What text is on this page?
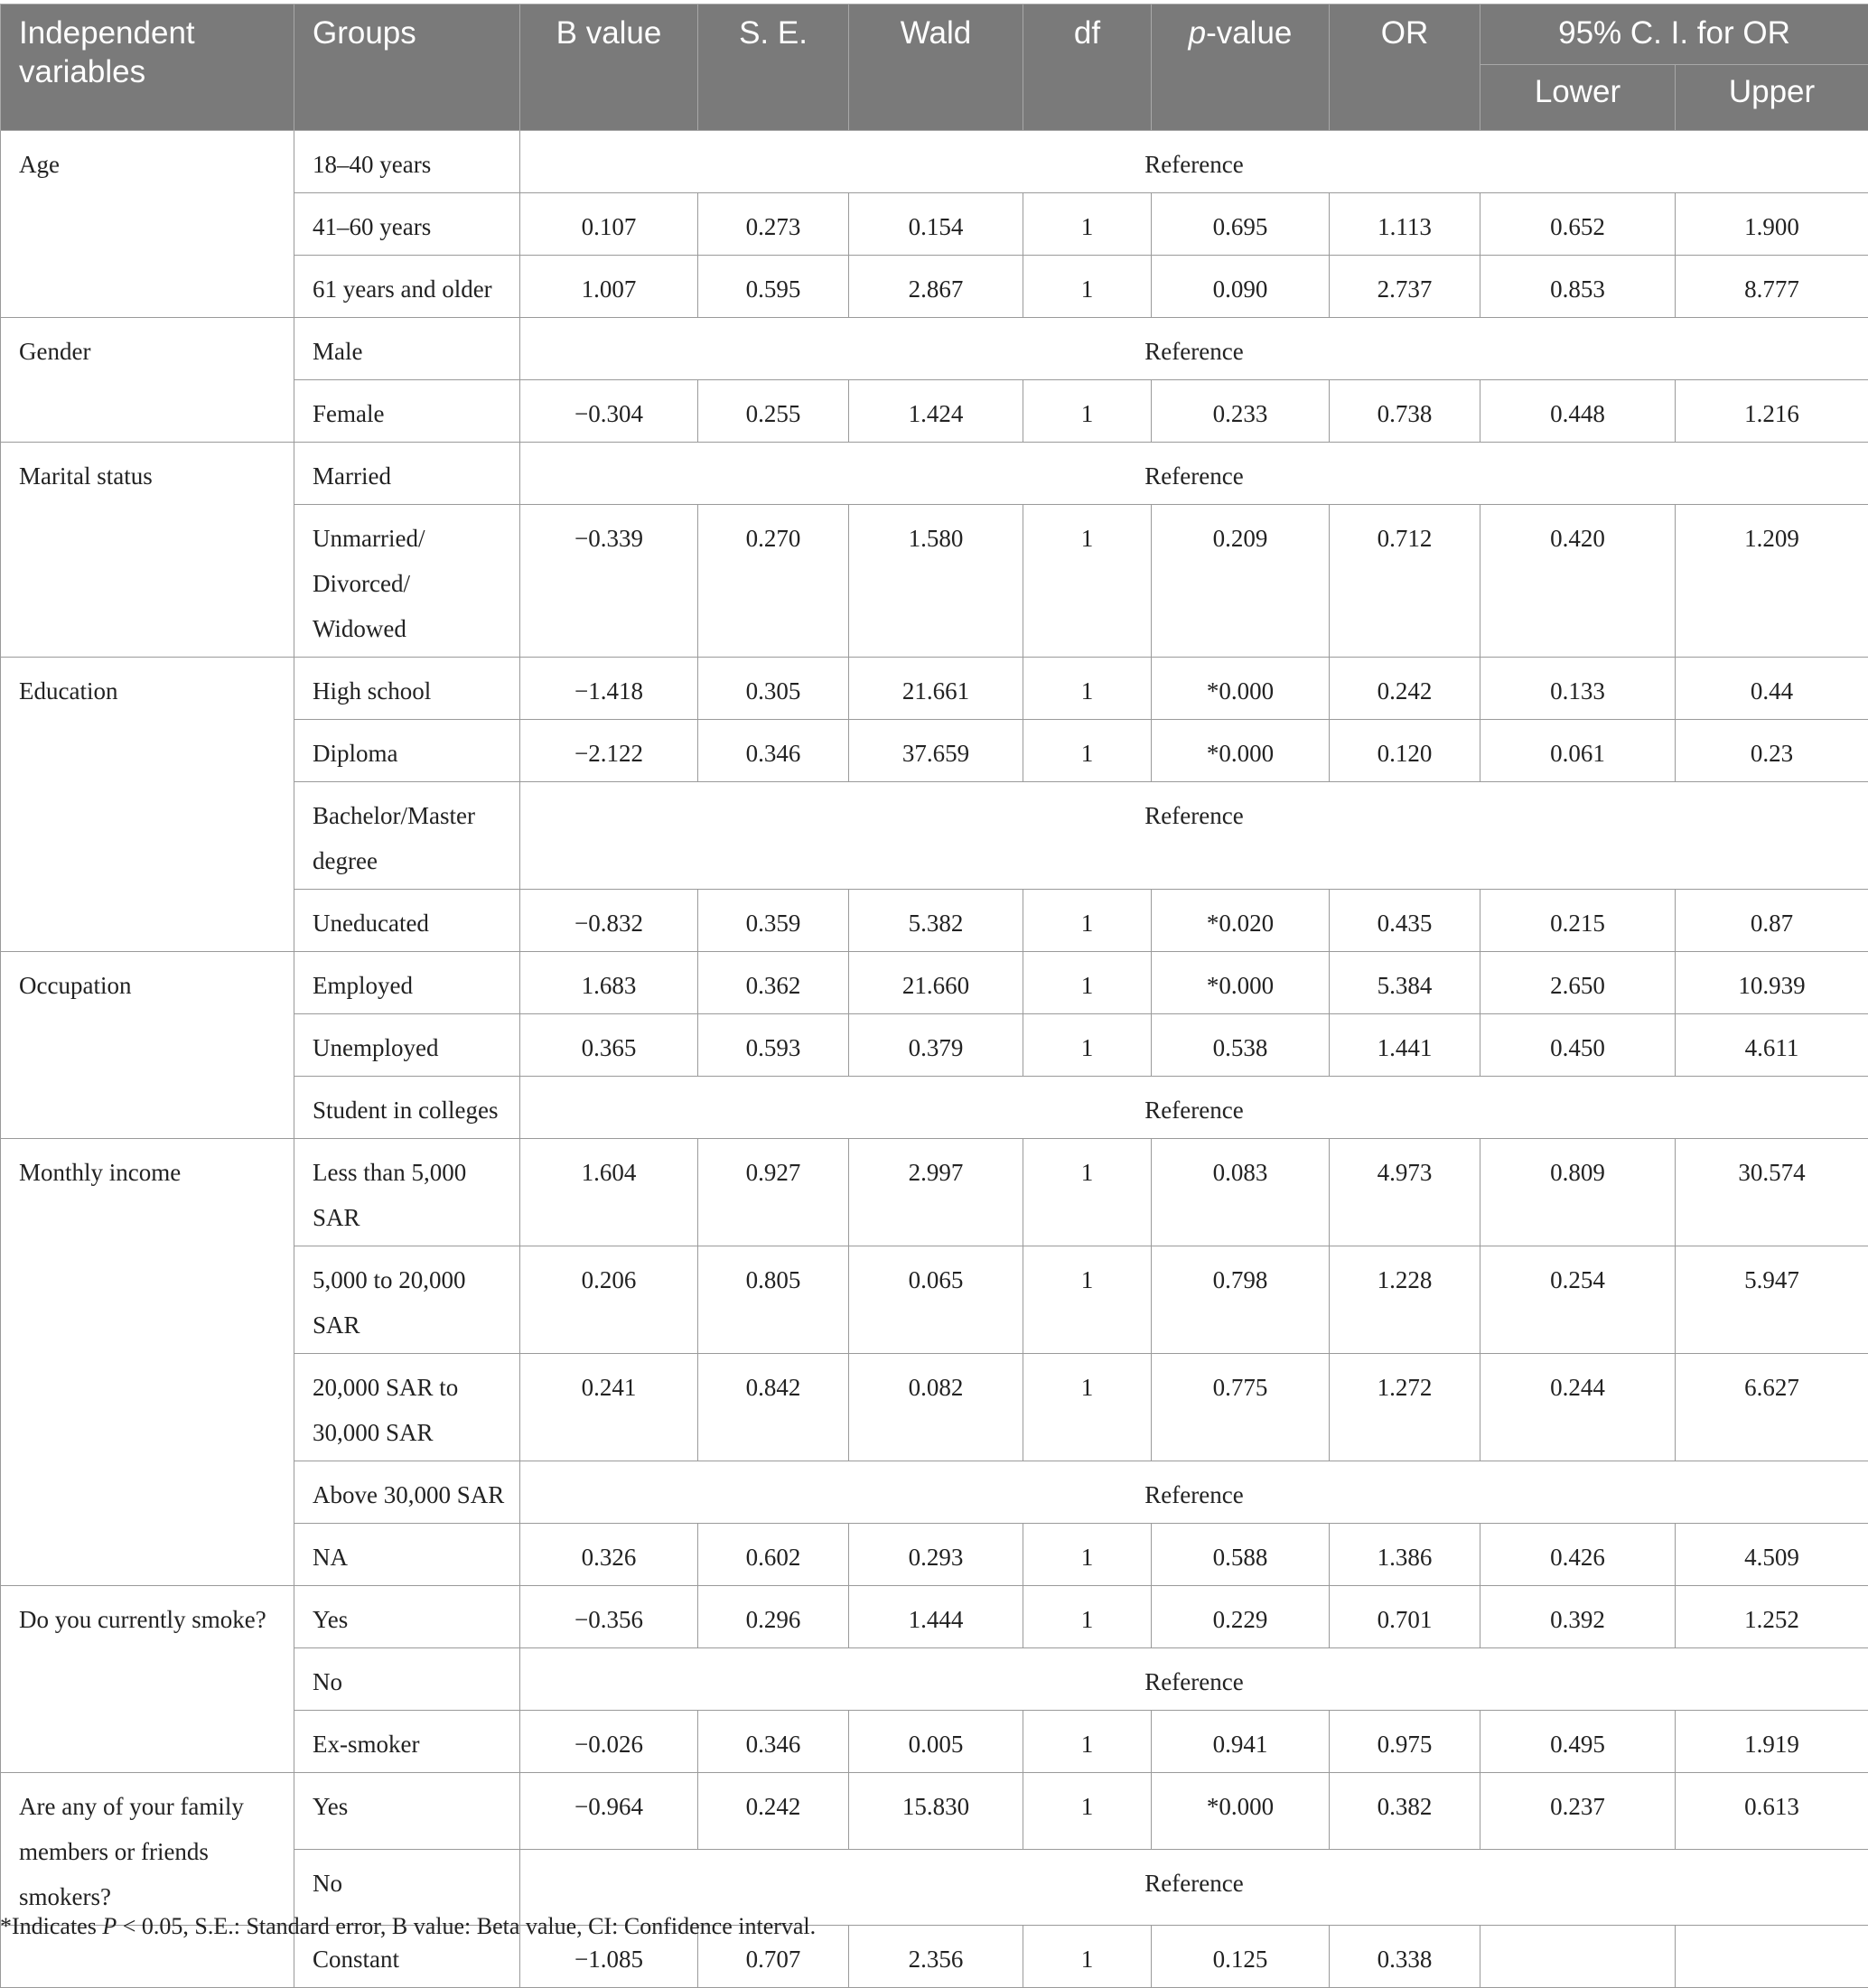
Independent variables	Groups	B value	S. E.	Wald	df	p-value	OR	95% C. I. for OR	
								Lower	Upper
Age	18–40 years	Reference							
	41–60 years	0.107	0.273	0.154	1	0.695	1.113	0.652	1.900
	61 years and older	1.007	0.595	2.867	1	0.090	2.737	0.853	8.777
Gender	Male	Reference							
	Female	−0.304	0.255	1.424	1	0.233	0.738	0.448	1.216
Marital status	Married	Reference							
	Unmarried/ Divorced/ Widowed	−0.339	0.270	1.580	1	0.209	0.712	0.420	1.209
Education	High school	−1.418	0.305	21.661	1	*0.000	0.242	0.133	0.44
	Diploma	−2.122	0.346	37.659	1	*0.000	0.120	0.061	0.23
	Bachelor/Master degree	Reference							
	Uneducated	−0.832	0.359	5.382	1	*0.020	0.435	0.215	0.87
Occupation	Employed	1.683	0.362	21.660	1	*0.000	5.384	2.650	10.939
	Unemployed	0.365	0.593	0.379	1	0.538	1.441	0.450	4.611
	Student in colleges	Reference							
Monthly income	Less than 5,000 SAR	1.604	0.927	2.997	1	0.083	4.973	0.809	30.574
	5,000 to 20,000 SAR	0.206	0.805	0.065	1	0.798	1.228	0.254	5.947
	20,000 SAR to 30,000 SAR	0.241	0.842	0.082	1	0.775	1.272	0.244	6.627
	Above 30,000 SAR	Reference							
	NA	0.326	0.602	0.293	1	0.588	1.386	0.426	4.509
Do you currently smoke?	Yes	−0.356	0.296	1.444	1	0.229	0.701	0.392	1.252
	No	Reference							
	Ex-smoker	−0.026	0.346	0.005	1	0.941	0.975	0.495	1.919
Are any of your family members or friends smokers?	Yes	−0.964	0.242	15.830	1	*0.000	0.382	0.237	0.613
	No	Reference							
	Constant	−1.085	0.707	2.356	1	0.125	0.338		
*Indicates P < 0.05, S.E.: Standard error, B value: Beta value, CI: Confidence interval.
